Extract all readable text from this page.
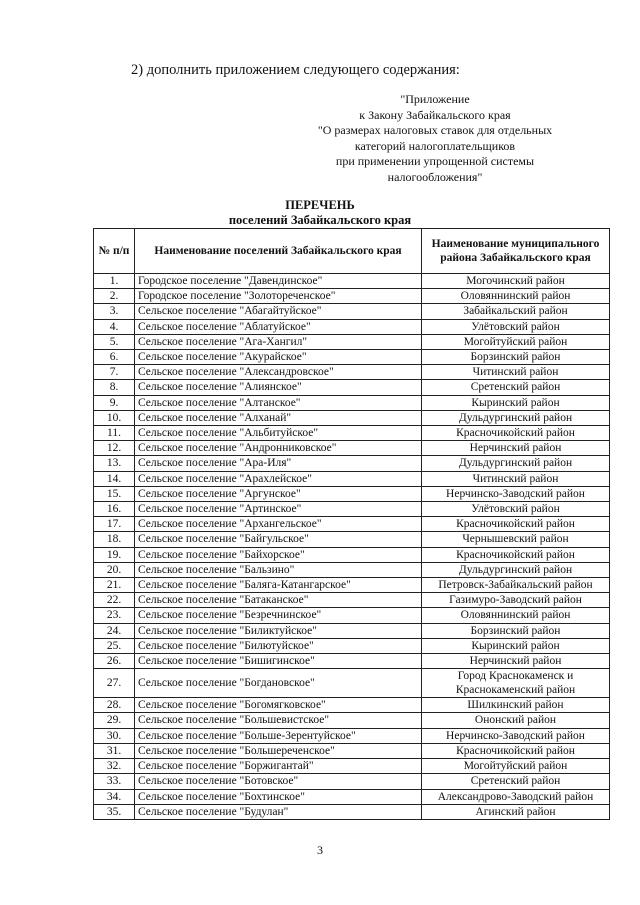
2) дополнить приложением следующего содержания:
"Приложение
к Закону Забайкальского края
"О размерах налоговых ставок для отдельных
категорий налогоплательщиков
при применении упрощенной системы
налогообложения"
ПЕРЕЧЕНЬ
поселений Забайкальского края
№ п/п	Наименование поселений Забайкальского края	Наименование муниципального района Забайкальского края
1.	Городское поселение "Давендинское"	Могочинский район
2.	Городское поселение "Золотореченское"	Оловяннинский район
3.	Сельское поселение "Абагайтуйское"	Забайкальский район
4.	Сельское поселение "Аблатуйское"	Улётовский район
5.	Сельское поселение "Ага-Хангил"	Могойтуйский район
6.	Сельское поселение "Акурайское"	Борзинский район
7.	Сельское поселение "Александровское"	Читинский район
8.	Сельское поселение "Алиянское"	Сретенский район
9.	Сельское поселение "Алтанское"	Кыринский район
10.	Сельское поселение "Алханай"	Дульдургинский район
11.	Сельское поселение "Альбитуйское"	Красночикойский район
12.	Сельское поселение "Андронниковское"	Нерчинский район
13.	Сельское поселение "Ара-Иля"	Дульдургинский район
14.	Сельское поселение "Арахлейское"	Читинский район
15.	Сельское поселение "Аргунское"	Нерчинско-Заводский район
16.	Сельское поселение "Артинское"	Улётовский район
17.	Сельское поселение "Архангельское"	Красночикойский район
18.	Сельское поселение "Байгульское"	Чернышевский район
19.	Сельское поселение "Байхорское"	Красночикойский район
20.	Сельское поселение "Бальзино"	Дульдургинский район
21.	Сельское поселение "Баляга-Катангарское"	Петровск-Забайкальский район
22.	Сельское поселение "Батаканское"	Газимуро-Заводский район
23.	Сельское поселение "Безречнинское"	Оловяннинский район
24.	Сельское поселение "Биликтуйское"	Борзинский район
25.	Сельское поселение "Билютуйское"	Кыринский район
26.	Сельское поселение "Бишигинское"	Нерчинский район
27.	Сельское поселение "Богдановское"	Город Краснокаменск и Краснокаменский район
28.	Сельское поселение "Богомягковское"	Шилкинский район
29.	Сельское поселение "Большевистское"	Ононский район
30.	Сельское поселение "Больше-Зерентуйское"	Нерчинско-Заводский район
31.	Сельское поселение "Большереченское"	Красночикойский район
32.	Сельское поселение "Боржигантай"	Могойтуйский район
33.	Сельское поселение "Ботовское"	Сретенский район
34.	Сельское поселение "Бохтинское"	Александрово-Заводский район
35.	Сельское поселение "Будулан"	Агинский район
3
